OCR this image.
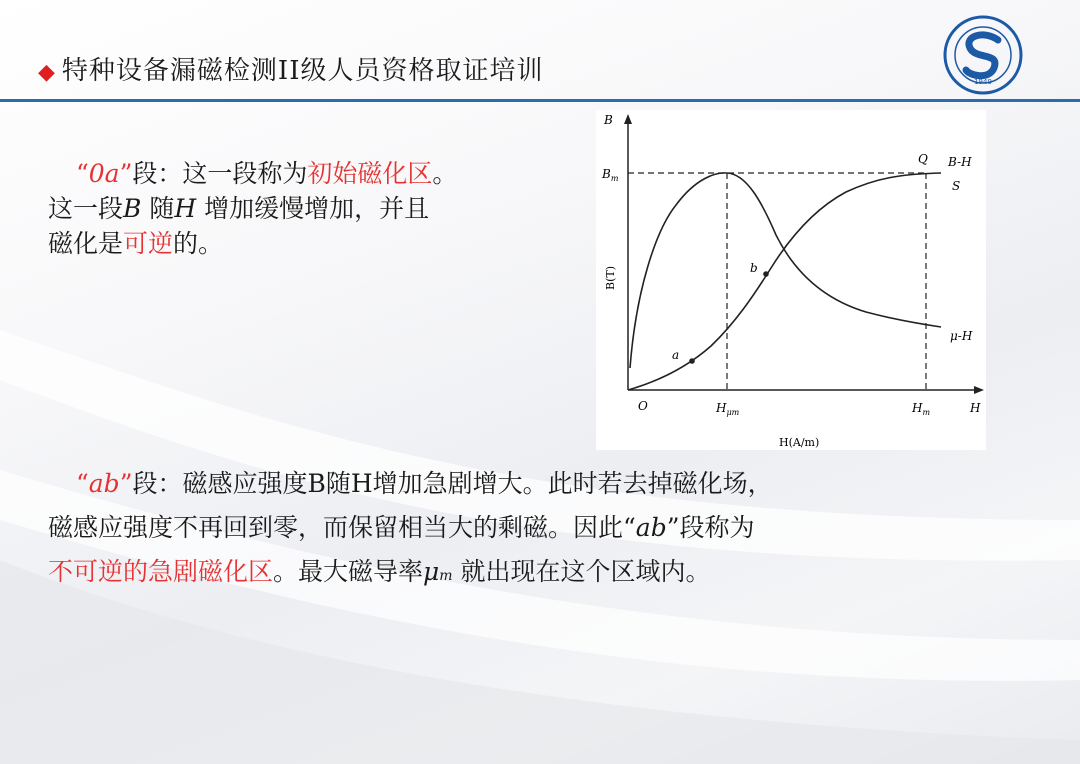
◆ 特种设备漏磁检测II级人员资格取证培训	1949
“0a”段：这一段称为初始磁化区。
这一段B 随H 增加缓慢增加，并且
磁化是可逆的。
B
$B_m$
B(T)
O	$H_{\mu m}$	$H_m$	H
H(A/m)
a
b
Q
S
B-H
μ-H
“ab”段：磁感应强度B随H增加急剧增大。此时若去掉磁化场，
磁感应强度不再回到零，而保留相当大的剩磁。因此“ab”段称为
不可逆的急剧磁化区。最大磁导率μm 就出现在这个区域内。
